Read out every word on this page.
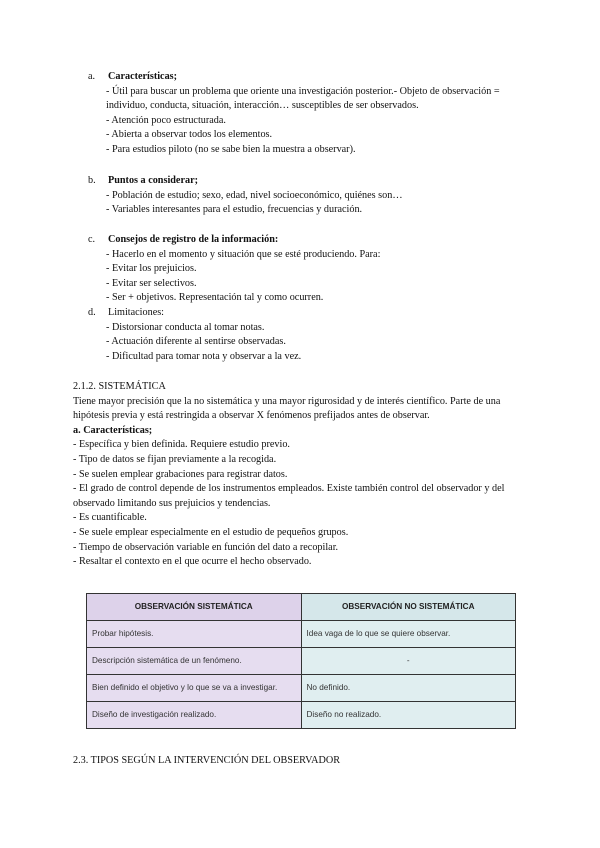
a.	Características;
- Útil para buscar un problema que oriente una investigación posterior.- Objeto de observación = individuo, conducta, situación, interacción… susceptibles de ser observados.
- Atención poco estructurada.
- Abierta a observar todos los elementos.
- Para estudios piloto (no se sabe bien la muestra a observar).
b.	Puntos a considerar;
- Población de estudio; sexo, edad, nivel socioeconómico, quiénes son…
- Variables interesantes para el estudio, frecuencias y duración.
c.	Consejos de registro de la información:
- Hacerlo en el momento y situación que se esté produciendo. Para:
- Evitar los prejuicios.
- Evitar ser selectivos.
- Ser + objetivos. Representación tal y como ocurren.
d.	Limitaciones:
- Distorsionar conducta al tomar notas.
- Actuación diferente al sentirse observadas.
- Dificultad para tomar nota y observar a la vez.

2.1.2. SISTEMÁTICA

Tiene mayor precisión que la no sistemática y una mayor rigurosidad y de interés científico. Parte de una hipótesis previa y está restringida a observar X fenómenos prefijados antes de observar.

a. Características;

- Específica y bien definida. Requiere estudio previo.

- Tipo de datos se fijan previamente a la recogida.

- Se suelen emplear grabaciones para registrar datos.

- El grado de control depende de los instrumentos empleados. Existe también control del observador y del observado limitando sus prejuicios y tendencias.

- Es cuantificable.

- Se suele emplear especialmente en el estudio de pequeños grupos.

- Tiempo de observación variable en función del dato a recopilar.

- Resaltar el contexto en el que ocurre el hecho observado.

OBSERVACIÓN SISTEMÁTICA	OBSERVACIÓN NO SISTEMÁTICA
Probar hipótesis.	Idea vaga de lo que se quiere observar.
Descripción sistemática de un fenómeno.	-
Bien definido el objetivo y lo que se va a investigar.	No definido.
Diseño de investigación realizado.	Diseño no realizado.
2.3. TIPOS SEGÚN LA INTERVENCIÓN DEL OBSERVADOR
